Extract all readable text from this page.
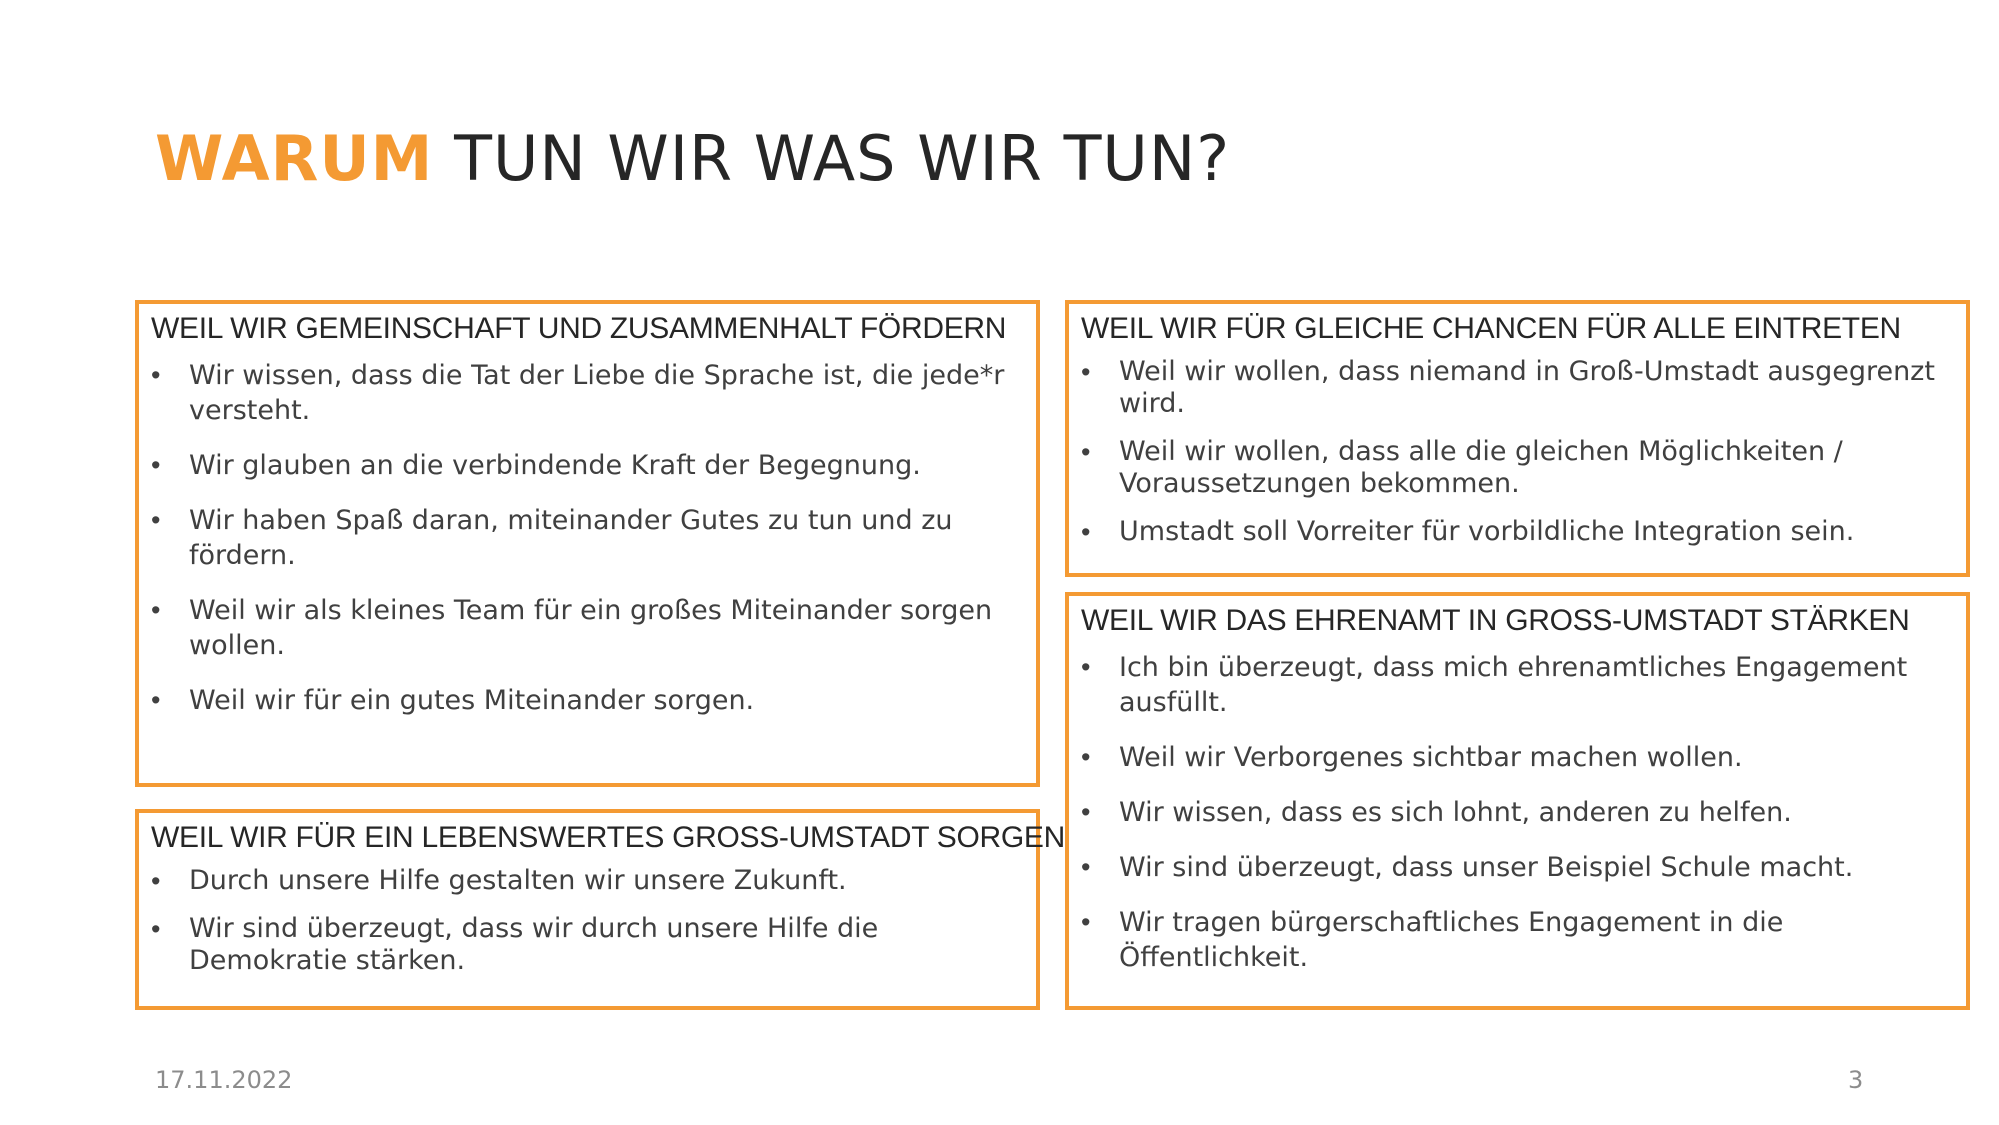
WARUM TUN WIR WAS WIR TUN?
WEIL WIR GEMEINSCHAFT UND ZUSAMMENHALT FÖRDERN
• Wir wissen, dass die Tat der Liebe die Sprache ist, die jede*r versteht.
• Wir glauben an die verbindende Kraft der Begegnung.
• Wir haben Spaß daran, miteinander Gutes zu tun und zu fördern.
• Weil wir als kleines Team für ein großes Miteinander sorgen wollen.
• Weil wir für ein gutes Miteinander sorgen.
WEIL WIR FÜR EIN LEBENSWERTES GROSS-UMSTADT SORGEN
• Durch unsere Hilfe gestalten wir unsere Zukunft.
• Wir sind überzeugt, dass wir durch unsere Hilfe die Demokratie stärken.
WEIL WIR FÜR GLEICHE CHANCEN FÜR ALLE EINTRETEN
• Weil wir wollen, dass niemand in Groß-Umstadt ausgegrenzt wird.
• Weil wir wollen, dass alle die gleichen Möglichkeiten / Voraussetzungen bekommen.
• Umstadt soll Vorreiter für vorbildliche Integration sein.
WEIL WIR DAS EHRENAMT IN GROSS-UMSTADT STÄRKEN
• Ich bin überzeugt, dass mich ehrenamtliches Engagement ausfüllt.
• Weil wir Verborgenes sichtbar machen wollen.
• Wir wissen, dass es sich lohnt, anderen zu helfen.
• Wir sind überzeugt, dass unser Beispiel Schule macht.
• Wir tragen bürgerschaftliches Engagement in die Öffentlichkeit.
17.11.2022	3
